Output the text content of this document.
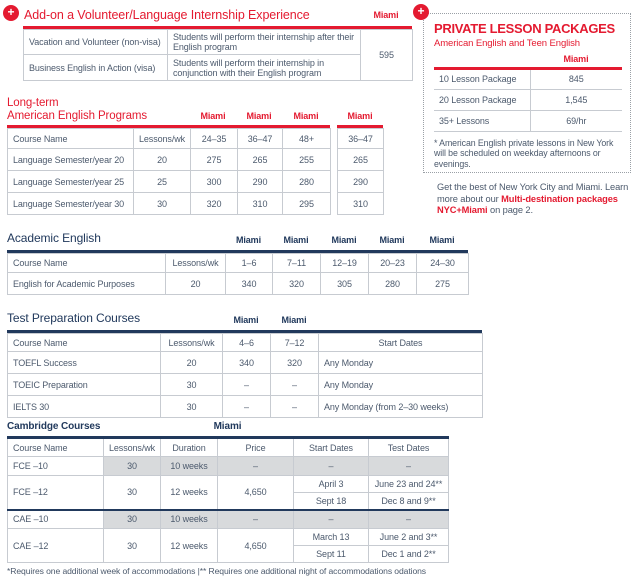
+ Add-on a Volunteer/Language Internship Experience	Miami
Vacation and Volunteer (non-visa)	Students will perform their internship after their English program	595
Business English in Action (visa)	Students will perform their internship in conjunction with their English program	
+
PRIVATE LESSON PACKAGES
American English and Teen English
	Miami
10 Lesson Package	845
20 Lesson Package	1,545
35+ Lessons	69/hr
* American English private lessons in New York will be scheduled on weekday afternoons or evenings.
Get the best of New York City and Miami. Learn more about our Multi-destination packages NYC+Miami on page 2.
Long-term
American English Programs	Miami	Miami	Miami	Miami
Course Name	Lessons/wk	24–35	36–47	48+		36–47
Language Semester/year 20	20	275	265	255		265
Language Semester/year 25	25	300	290	280		290
Language Semester/year 30	30	320	310	295		310
Academic English	Miami	Miami	Miami	Miami	Miami
Course Name	Lessons/wk	1–6	7–11	12–19	20–23	24–30
English for Academic Purposes	20	340	320	305	280	275
Test Preparation Courses	Miami	Miami
Course Name	Lessons/wk	4–6	7–12	Start Dates
TOEFL Success	20	340	320	Any Monday
TOEIC Preparation	30	–	–	Any Monday
IELTS 30	30	–	–	Any Monday (from 2–30 weeks)
Cambridge Courses	Miami
Course Name	Lessons/wk	Duration	Price	Start Dates	Test Dates
FCE –10	30	10 weeks	–	–	–
FCE –12	30	12 weeks	4,650	April 3	June 23 and 24**
				Sept 18	Dec 8 and 9**
CAE –10	30	10 weeks	–	–	–
CAE –12	30	12 weeks	4,650	March 13	June 2 and 3**
				Sept 11	Dec 1 and 2**
*Requires one additional week of accommodations |** Requires one additional night of accommodations odations
